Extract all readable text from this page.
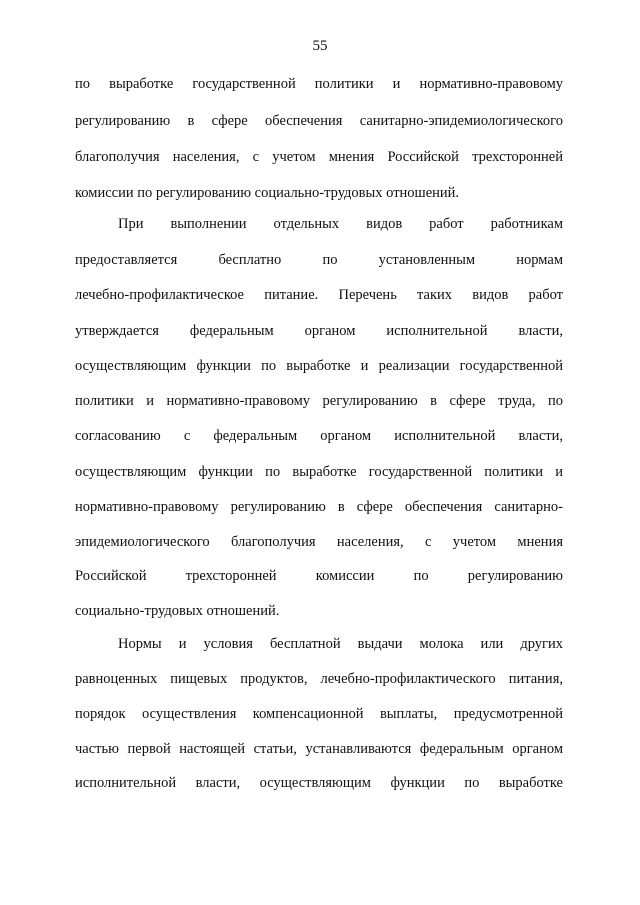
55
по выработке государственной политики и нормативно-правовому
регулированию в сфере обеспечения санитарно-эпидемиологического
благополучия населения, с учетом мнения Российской трехсторонней
комиссии по регулированию социально-трудовых отношений.
При выполнении отдельных видов работ работникам
предоставляется бесплатно по установленным нормам
лечебно-профилактическое питание. Перечень таких видов работ
утверждается федеральным органом исполнительной власти,
осуществляющим функции по выработке и реализации государственной
политики и нормативно-правовому регулированию в сфере труда, по
согласованию с федеральным органом исполнительной власти,
осуществляющим функции по выработке государственной политики и
нормативно-правовому регулированию в сфере обеспечения санитарно-
эпидемиологического благополучия населения, с учетом мнения
Российской трехсторонней комиссии по регулированию
социально-трудовых отношений.
Нормы и условия бесплатной выдачи молока или других
равноценных пищевых продуктов, лечебно-профилактического питания,
порядок осуществления компенсационной выплаты, предусмотренной
частью первой настоящей статьи, устанавливаются федеральным органом
исполнительной власти, осуществляющим функции по выработке
